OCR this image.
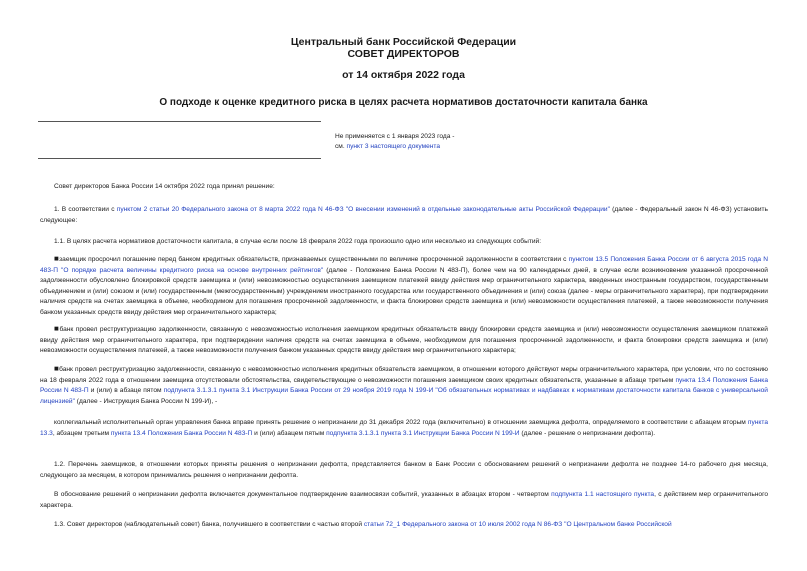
Центральный банк Российской Федерации
СОВЕТ ДИРЕКТОРОВ
от 14 октября 2022 года
О подходе к оценке кредитного риска в целях расчета нормативов достаточности капитала банка
Не применяется с 1 января 2023 года -
см. пункт 3 настоящего документа
Совет директоров Банка России 14 октября 2022 года принял решение:
1. В соответствии с пунктом 2 статьи 20 Федерального закона от 8 марта 2022 года N 46-ФЗ "О внесении изменений в отдельные законодательные акты Российской Федерации" (далее - Федеральный закон N 46-ФЗ) установить следующее:
1.1. В целях расчета нормативов достаточности капитала, в случае если после 18 февраля 2022 года произошло одно или несколько из следующих событий:
■заемщик просрочил погашение перед банком кредитных обязательств, признаваемых существенными по величине просроченной задолженности в соответствии с пунктом 13.5 Положения Банка России от 6 августа 2015 года N 483-П "О порядке расчета величины кредитного риска на основе внутренних рейтингов" (далее - Положение Банка России N 483-П), более чем на 90 календарных дней, в случае если возникновение указанной просроченной задолженности обусловлено блокировкой средств заемщика и (или) невозможностью осуществления заемщиком платежей ввиду действия мер ограничительного характера, введенных иностранным государством, государственным объединением и (или) союзом и (или) государственным (межгосударственным) учреждением иностранного государства или государственного объединения и (или) союза (далее - меры ограничительного характера), при подтверждении наличия средств на счетах заемщика в объеме, необходимом для погашения просроченной задолженности, и факта блокировки средств заемщика и (или) невозможности осуществления платежей, а также невозможности получения банком указанных средств ввиду действия мер ограничительного характера;
■банк провел реструктуризацию задолженности, связанную с невозможностью исполнения заемщиком кредитных обязательств ввиду блокировки средств заемщика и (или) невозможности осуществления заемщиком платежей ввиду действия мер ограничительного характера, при подтверждении наличия средств на счетах заемщика в объеме, необходимом для погашения просроченной задолженности, и факта блокировки средств заемщика и (или) невозможности осуществления платежей, а также невозможности получения банком указанных средств ввиду действия мер ограничительного характера;
■банк провел реструктуризацию задолженности, связанную с невозможностью исполнения кредитных обязательств заемщиком, в отношении которого действуют меры ограничительного характера, при условии, что по состоянию на 18 февраля 2022 года в отношении заемщика отсутствовали обстоятельства, свидетельствующие о невозможности погашения заемщиком своих кредитных обязательств, указанные в абзаце третьем пункта 13.4 Положения Банка России N 483-П и (или) в абзаце пятом подпункта 3.1.3.1 пункта 3.1 Инструкции Банка России от 29 ноября 2019 года N 199-И "Об обязательных нормативах и надбавках к нормативам достаточности капитала банков с универсальной лицензией" (далее - Инструкция Банка России N 199-И), -
коллегиальный исполнительный орган управления банка вправе принять решение о непризнании до 31 декабря 2022 года (включительно) в отношении заемщика дефолта, определяемого в соответствии с абзацем вторым пункта 13.3, абзацем третьим пункта 13.4 Положения Банка России N 483-П и (или) абзацем пятым подпункта 3.1.3.1 пункта 3.1 Инструкции Банка России N 199-И (далее - решение о непризнании дефолта).
1.2. Перечень заемщиков, в отношении которых приняты решения о непризнании дефолта, представляется банком в Банк России с обоснованием решений о непризнании дефолта не позднее 14-го рабочего дня месяца, следующего за месяцем, в котором принимались решения о непризнании дефолта.
В обоснование решений о непризнании дефолта включается документальное подтверждение взаимосвязи событий, указанных в абзацах втором - четвертом подпункта 1.1 настоящего пункта, с действием мер ограничительного характера.
1.3. Совет директоров (наблюдательный совет) банка, получившего в соответствии с частью второй статьи 72_1 Федерального закона от 10 июля 2002 года N 86-ФЗ "О Центральном банке Российской
